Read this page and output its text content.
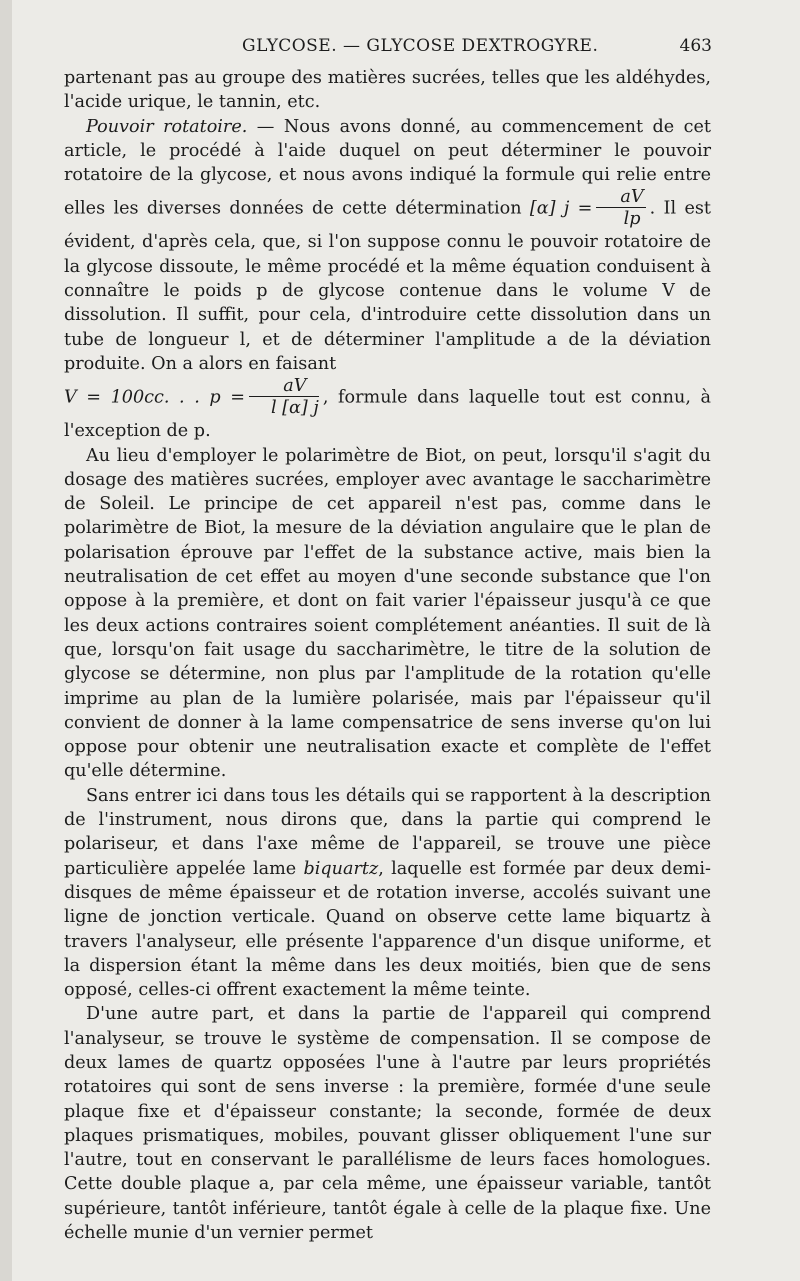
GLYCOSE. — GLYCOSE DEXTROGYRE.	463

partenant pas au groupe des matières sucrées, telles que les aldéhydes, l'acide urique, le tannin, etc.

Pouvoir rotatoire. — Nous avons donné, au commencement de cet article, le procédé à l'aide duquel on peut déterminer le pouvoir rotatoire de la glycose, et nous avons indiqué la formule qui relie entre elles les diverses données de cette détermination [α] $j = \frac{aV}{lp}$ . Il est évident, d'après cela, que, si l'on suppose connu le pouvoir rotatoire de la glycose dissoute, le même procédé et la même équation conduisent à connaître le poids p de glycose contenue dans le volume V de dissolution. Il suffit, pour cela, d'introduire cette dissolution dans un tube de longueur l, et de déterminer l'amplitude a de la déviation produite. On a alors en faisant
V = 100cc. . . $p = \frac{aV}{l [\alpha] j}$ , formule dans laquelle tout est connu, à l'exception de p.

Au lieu d'employer le polarimètre de Biot, on peut, lorsqu'il s'agit du dosage des matières sucrées, employer avec avantage le saccharimètre de Soleil. Le principe de cet appareil n'est pas, comme dans le polarimètre de Biot, la mesure de la déviation angulaire que le plan de polarisation éprouve par l'effet de la substance active, mais bien la neutralisation de cet effet au moyen d'une seconde substance que l'on oppose à la première, et dont on fait varier l'épaisseur jusqu'à ce que les deux actions contraires soient complétement anéanties. Il suit de là que, lorsqu'on fait usage du saccharimètre, le titre de la solution de glycose se détermine, non plus par l'amplitude de la rotation qu'elle imprime au plan de la lumière polarisée, mais par l'épaisseur qu'il convient de donner à la lame compensatrice de sens inverse qu'on lui oppose pour obtenir une neutralisation exacte et complète de l'effet qu'elle détermine.

Sans entrer ici dans tous les détails qui se rapportent à la description de l'instrument, nous dirons que, dans la partie qui comprend le polariseur, et dans l'axe même de l'appareil, se trouve une pièce particulière appelée lame biquartz, laquelle est formée par deux demi-disques de même épaisseur et de rotation inverse, accolés suivant une ligne de jonction verticale. Quand on observe cette lame biquartz à travers l'analyseur, elle présente l'apparence d'un disque uniforme, et la dispersion étant la même dans les deux moitiés, bien que de sens opposé, celles-ci offrent exactement la même teinte.

D'une autre part, et dans la partie de l'appareil qui comprend l'analyseur, se trouve le système de compensation. Il se compose de deux lames de quartz opposées l'une à l'autre par leurs propriétés rotatoires qui sont de sens inverse : la première, formée d'une seule plaque fixe et d'épaisseur constante; la seconde, formée de deux plaques prismatiques, mobiles, pouvant glisser obliquement l'une sur l'autre, tout en conservant le parallélisme de leurs faces homologues. Cette double plaque a, par cela même, une épaisseur variable, tantôt supérieure, tantôt inférieure, tantôt égale à celle de la plaque fixe. Une échelle munie d'un vernier permet
